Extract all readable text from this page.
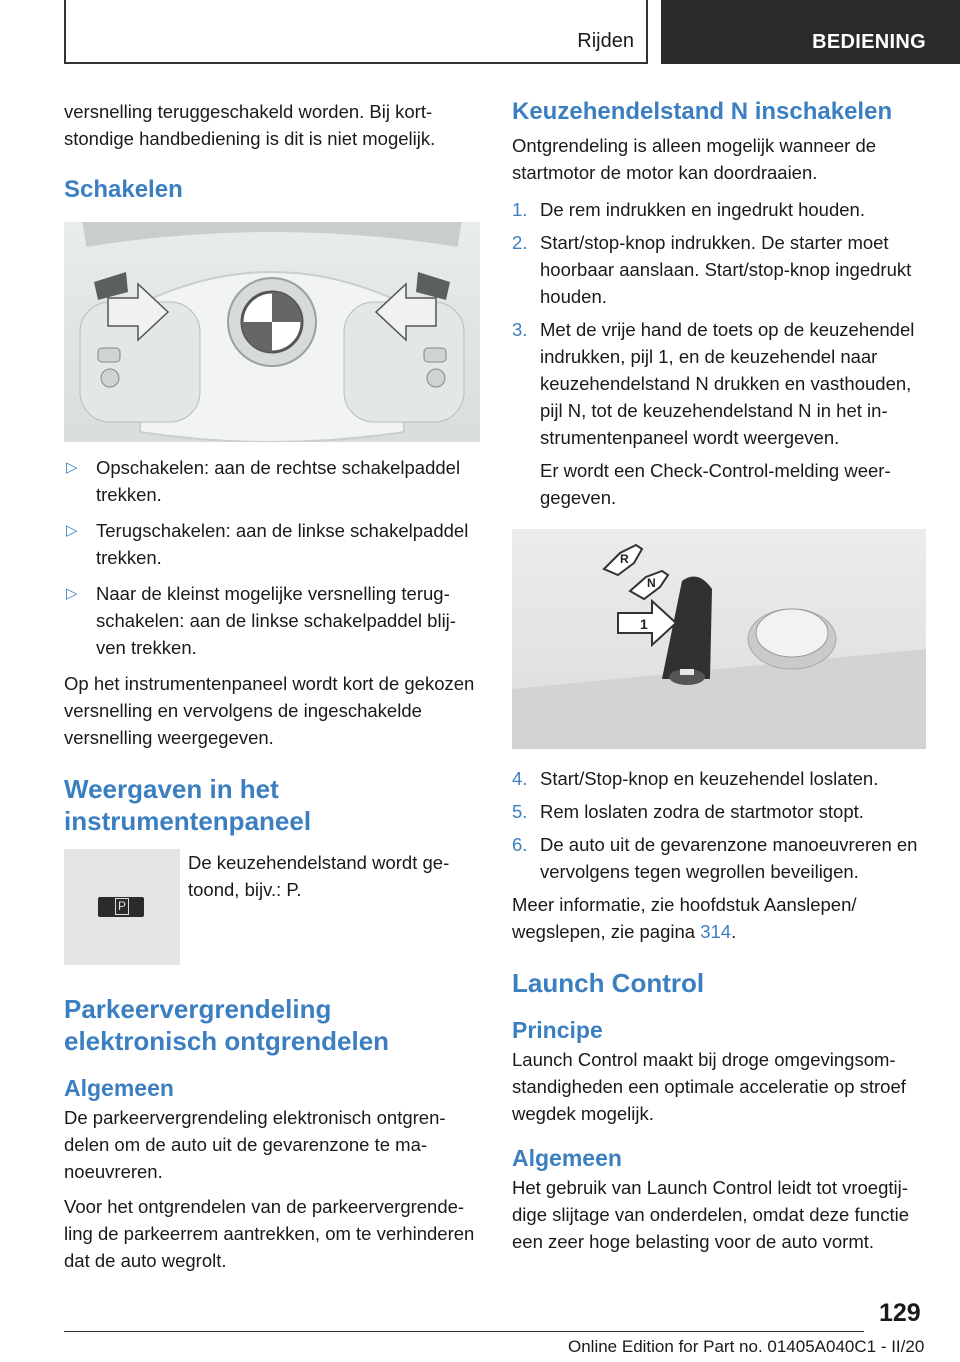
Rijden	BEDIENING

versnelling teruggeschakeld worden. Bij kortstondige handbediening is dit is niet mogelijk.

Schakelen
▷ Opschakelen: aan de rechtse schakelpaddel trekken.
▷ Terugschakelen: aan de linkse schakelpaddel trekken.
▷ Naar de kleinst mogelijke versnelling terugschakelen: aan de linkse schakelpaddel blijven trekken.

Op het instrumentenpaneel wordt kort de gekozen versnelling en vervolgens de ingeschakelde versnelling weergegeven.

Weergaven in het instrumentenpaneel
P

De keuzehendelstand wordt getoond, bijv.: P.

Parkeervergrendeling elektronisch ontgrendelen
Algemeen

De parkeervergrendeling elektronisch ontgrendelen om de auto uit de gevarenzone te manoeuvreren.

Voor het ontgrendelen van de parkeervergrendeling de parkeerrem aantrekken, om te verhinderen dat de auto wegrolt.

Keuzehendelstand N inschakelen

Ontgrendeling is alleen mogelijk wanneer de startmotor de motor kan doordraaien.

1. De rem indrukken en ingedrukt houden.
2. Start/stop-knop indrukken. De starter moet hoorbaar aanslaan. Start/stop-knop ingedrukt houden.
3. Met de vrije hand de toets op de keuzehendel indrukken, pijl 1, en de keuzehendel naar keuzehendelstand N drukken en vasthouden, pijl N, tot de keuzehendelstand N in het instrumentenpaneel wordt weergeven.

Er wordt een Check-Control-melding weergegeven.

R
N
1
4. Start/Stop-knop en keuzehendel loslaten.
5. Rem loslaten zodra de startmotor stopt.
6. De auto uit de gevarenzone manoeuvreren en vervolgens tegen wegrollen beveiligen.

Meer informatie, zie hoofdstuk Aanslepen/ wegslepen, zie pagina 314.

Launch Control
Principe

Launch Control maakt bij droge omgevingsomstandigheden een optimale acceleratie op stroef wegdek mogelijk.

Algemeen

Het gebruik van Launch Control leidt tot vroegtijdige slijtage van onderdelen, omdat deze functie een zeer hoge belasting voor de auto vormt.

129
Online Edition for Part no. 01405A040C1 - II/20
